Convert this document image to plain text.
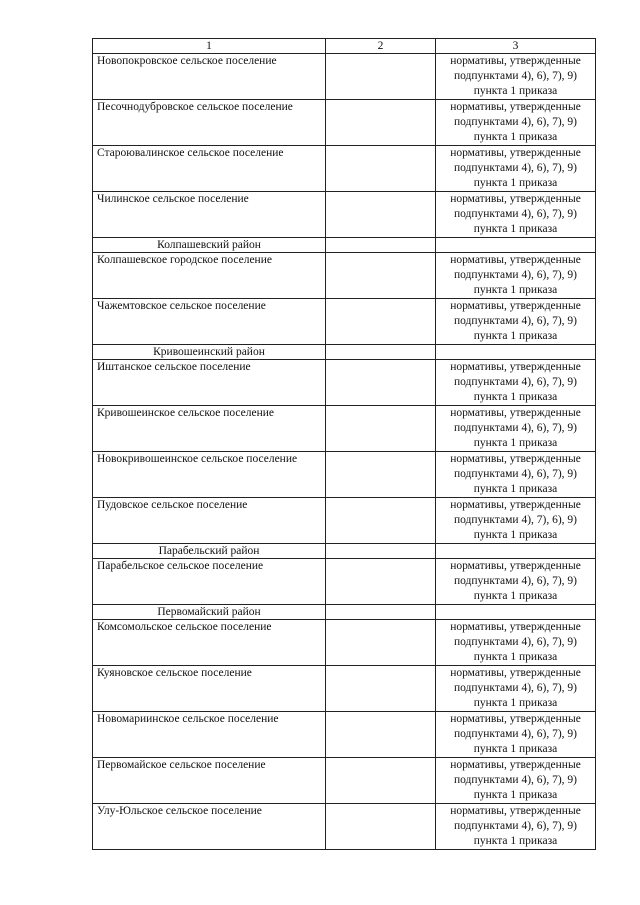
1	2	3
Новопокровское сельское поселение		нормативы, утвержденные
подпунктами 4), 6), 7), 9)
пункта 1 приказа

Песочнодубровское сельское поселение		нормативы, утвержденные
подпунктами 4), 6), 7), 9)
пункта 1 приказа

Староювалинское сельское поселение		нормативы, утвержденные
подпунктами 4), 6), 7), 9)
пункта 1 приказа

Чилинское сельское поселение		нормативы, утвержденные
подпунктами 4), 6), 7), 9)
пункта 1 приказа

Колпашевский район		
Колпашевское городское поселение		нормативы, утвержденные
подпунктами 4), 6), 7), 9)
пункта 1 приказа

Чажемтовское сельское поселение		нормативы, утвержденные
подпунктами 4), 6), 7), 9)
пункта 1 приказа

Кривошеинский район		
Иштанское сельское поселение		нормативы, утвержденные
подпунктами 4), 6), 7), 9)
пункта 1 приказа

Кривошеинское сельское поселение		нормативы, утвержденные
подпунктами 4), 6), 7), 9)
пункта 1 приказа

Новокривошеинское сельское поселение		нормативы, утвержденные
подпунктами 4), 6), 7), 9)
пункта 1 приказа

Пудовское сельское поселение		нормативы, утвержденные
подпунктами 4), 7), 6), 9)
пункта 1 приказа

Парабельский район		
Парабельское сельское поселение		нормативы, утвержденные
подпунктами 4), 6), 7), 9)
пункта 1 приказа

Первомайский район		
Комсомольское сельское поселение		нормативы, утвержденные
подпунктами 4), 6), 7), 9)
пункта 1 приказа

Куяновское сельское поселение		нормативы, утвержденные
подпунктами 4), 6), 7), 9)
пункта 1 приказа

Новомариинское сельское поселение		нормативы, утвержденные
подпунктами 4), 6), 7), 9)
пункта 1 приказа

Первомайское сельское поселение		нормативы, утвержденные
подпунктами 4), 6), 7), 9)
пункта 1 приказа

Улу-Юльское сельское поселение		нормативы, утвержденные
подпунктами 4), 6), 7), 9)
пункта 1 приказа
